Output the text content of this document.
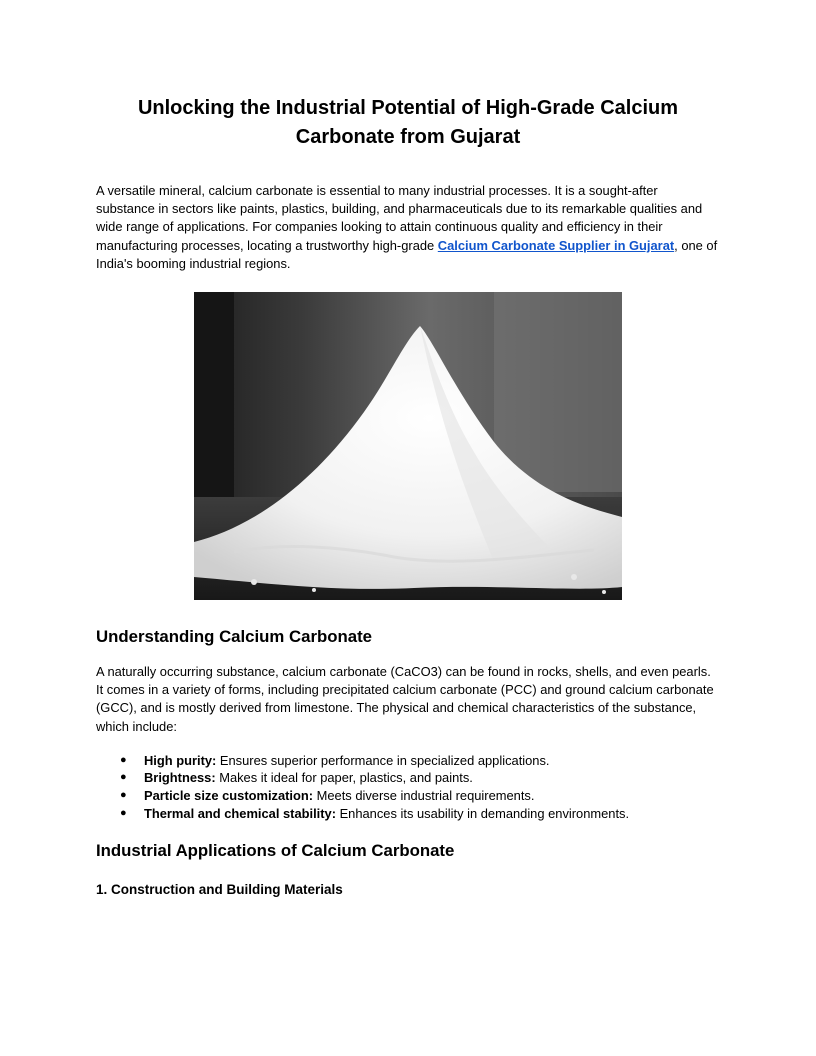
Unlocking the Industrial Potential of High-Grade Calcium Carbonate from Gujarat

A versatile mineral, calcium carbonate is essential to many industrial processes. It is a sought-after substance in sectors like paints, plastics, building, and pharmaceuticals due to its remarkable qualities and wide range of applications. For companies looking to attain continuous quality and efficiency in their manufacturing processes, locating a trustworthy high-grade Calcium Carbonate Supplier in Gujarat, one of India's booming industrial regions.

Understanding Calcium Carbonate

A naturally occurring substance, calcium carbonate (CaCO3) can be found in rocks, shells, and even pearls. It comes in a variety of forms, including precipitated calcium carbonate (PCC) and ground calcium carbonate (GCC), and is mostly derived from limestone. The physical and chemical characteristics of the substance, which include:

● High purity: Ensures superior performance in specialized applications.
● Brightness: Makes it ideal for paper, plastics, and paints.
● Particle size customization: Meets diverse industrial requirements.
● Thermal and chemical stability: Enhances its usability in demanding environments.
Industrial Applications of Calcium Carbonate
1. Construction and Building Materials
